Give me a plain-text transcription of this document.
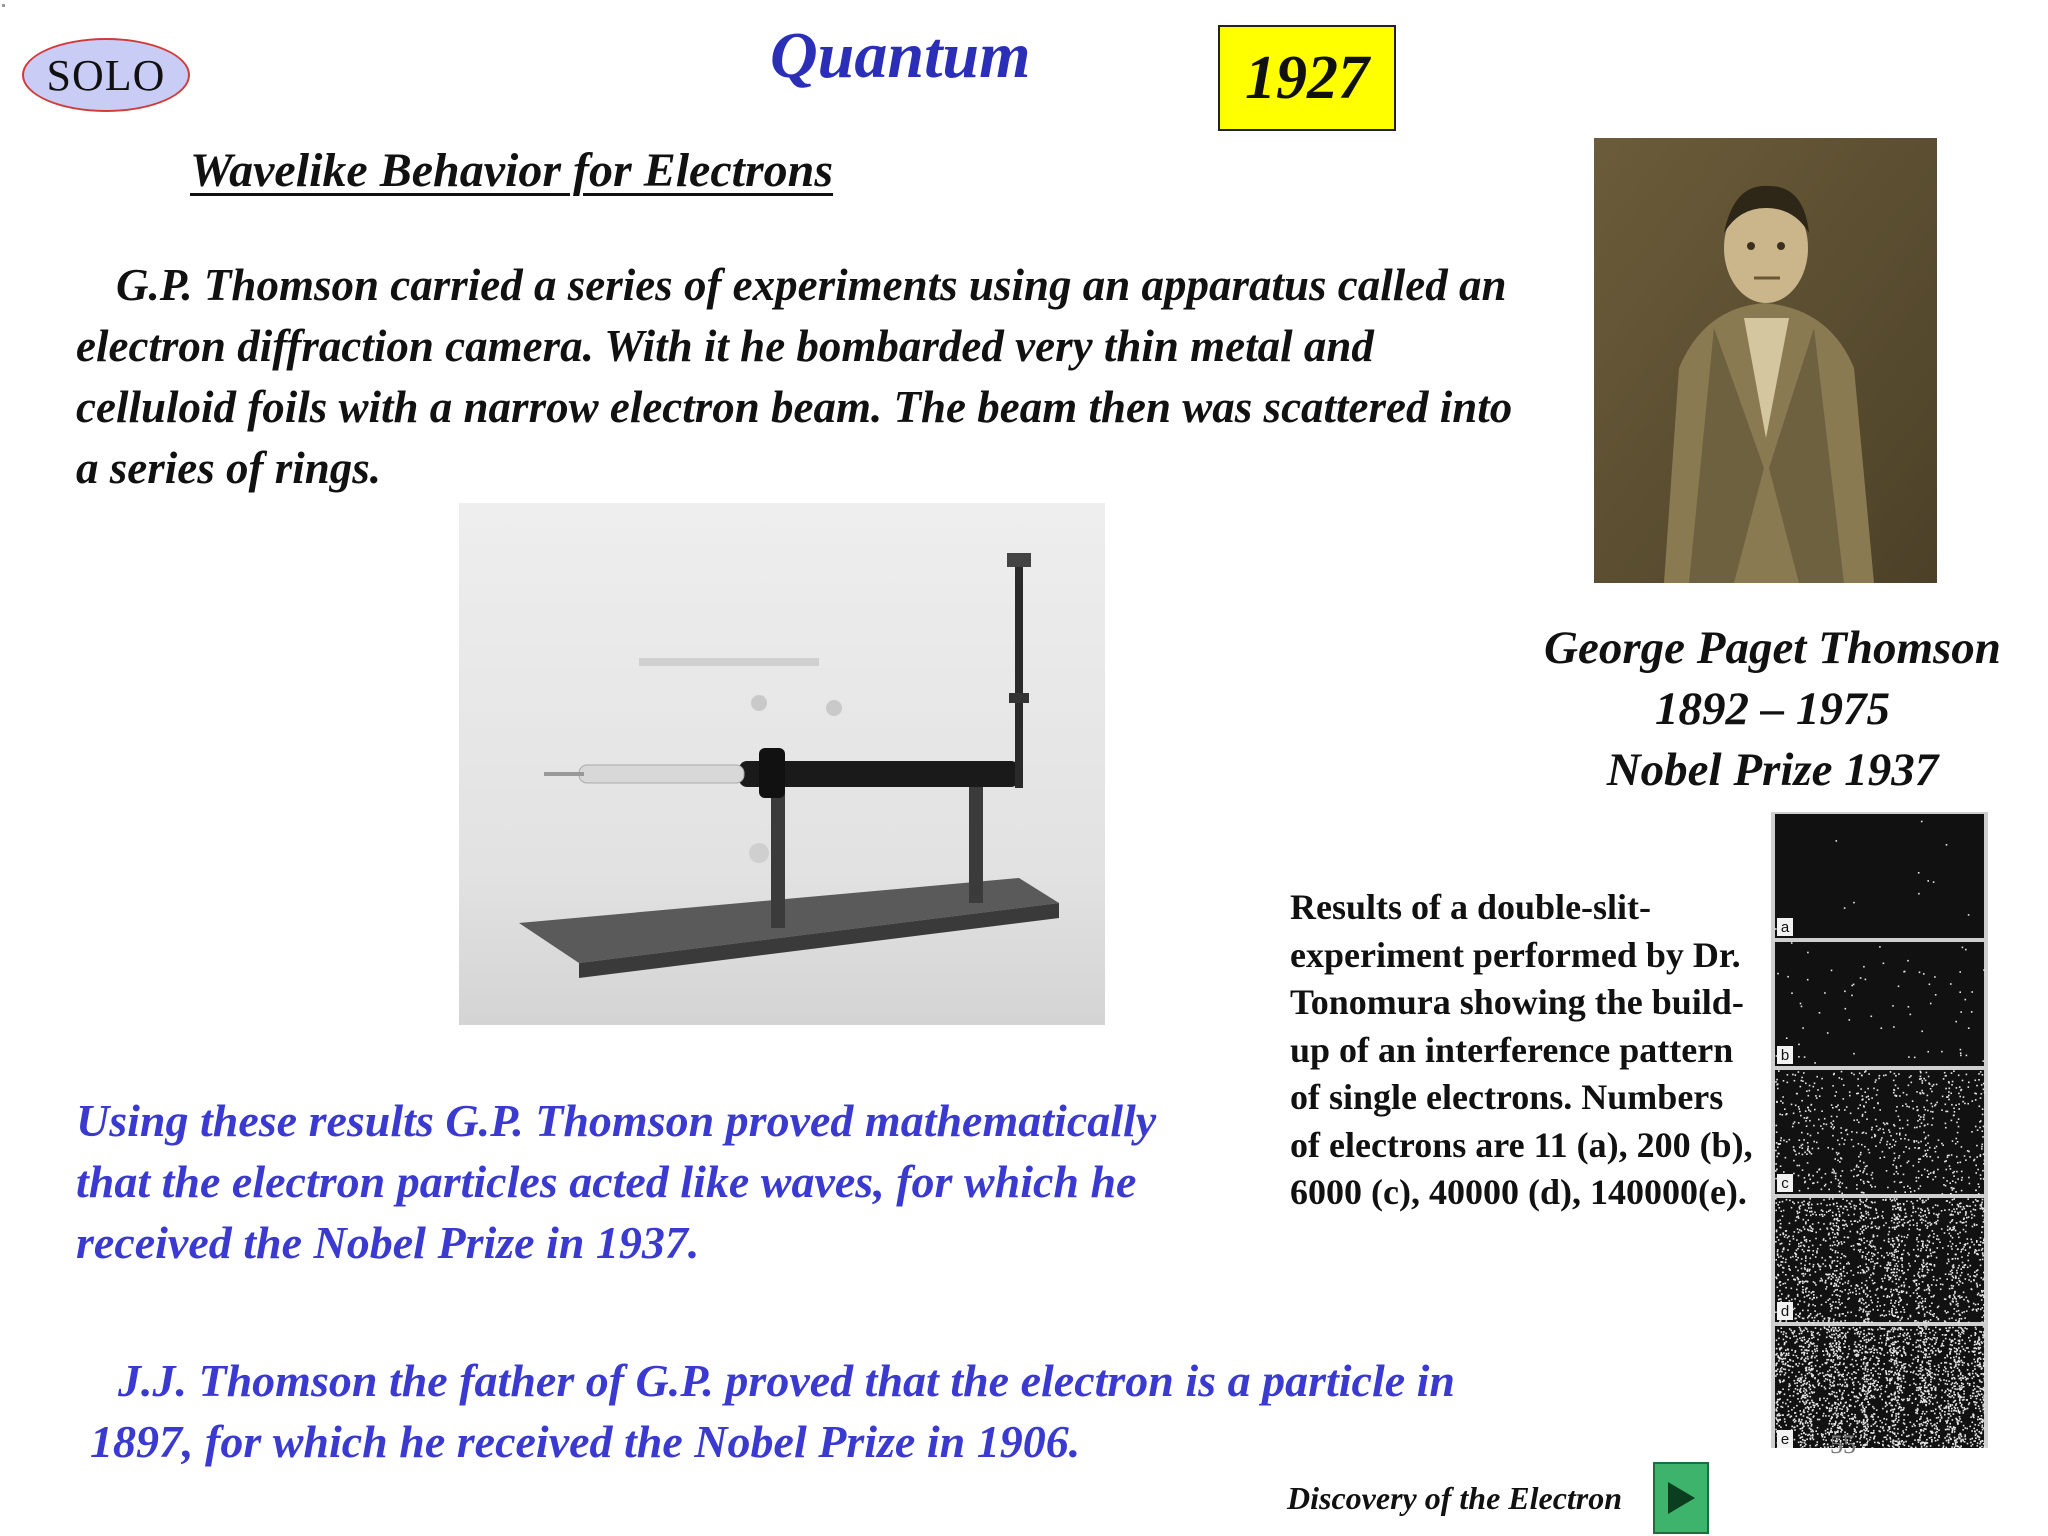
SOLO	Quantum	1927
Wavelike Behavior for Electrons
G.P. Thomson carried a series of experiments using an apparatus called an electron diffraction camera. With it he bombarded very thin metal and celluloid foils with a narrow electron beam. The beam then was scattered into a series of rings.
George Paget Thomson
1892 – 1975
Nobel Prize 1937
Results of a double-slit-experiment performed by Dr. Tonomura showing the build-up of an interference pattern of single electrons. Numbers of electrons are 11 (a), 200 (b), 6000 (c), 40000 (d), 140000(e).
a
b
c
d
e
Using these results G.P. Thomson proved mathematically that the electron particles acted like waves, for which he received the Nobel Prize in 1937.
J.J. Thomson the father of G.P. proved that the electron is a particle in 1897, for which he received the Nobel Prize in 1906.	55
Discovery of the Electron
